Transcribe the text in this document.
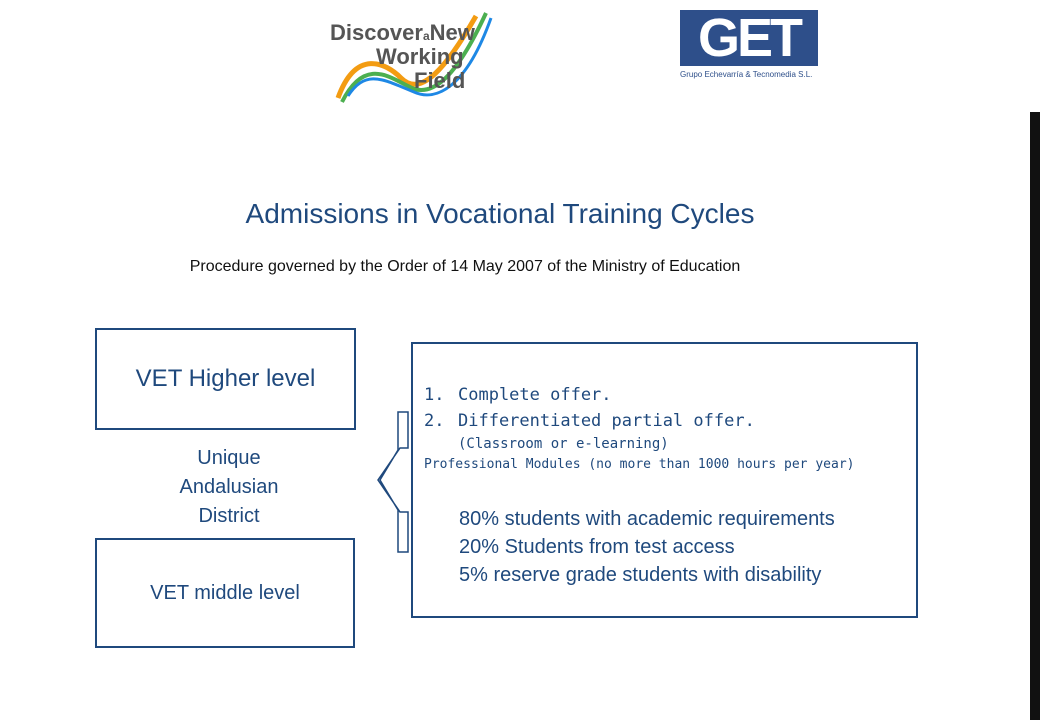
DiscoveraNew
Working
Field
GET
Grupo Echevarría & Tecnomedia S.L.
Admissions in Vocational Training Cycles
Procedure governed by the Order of 14 May 2007 of the Ministry of Education
VET Higher level
Unique
Andalusian
District
VET middle level
1. Complete offer.
2. Differentiated partial offer.
(Classroom or e-learning)
Professional Modules (no more than 1000 hours per year)
80% students with academic requirements
20% Students from test access
5% reserve grade students with disability
